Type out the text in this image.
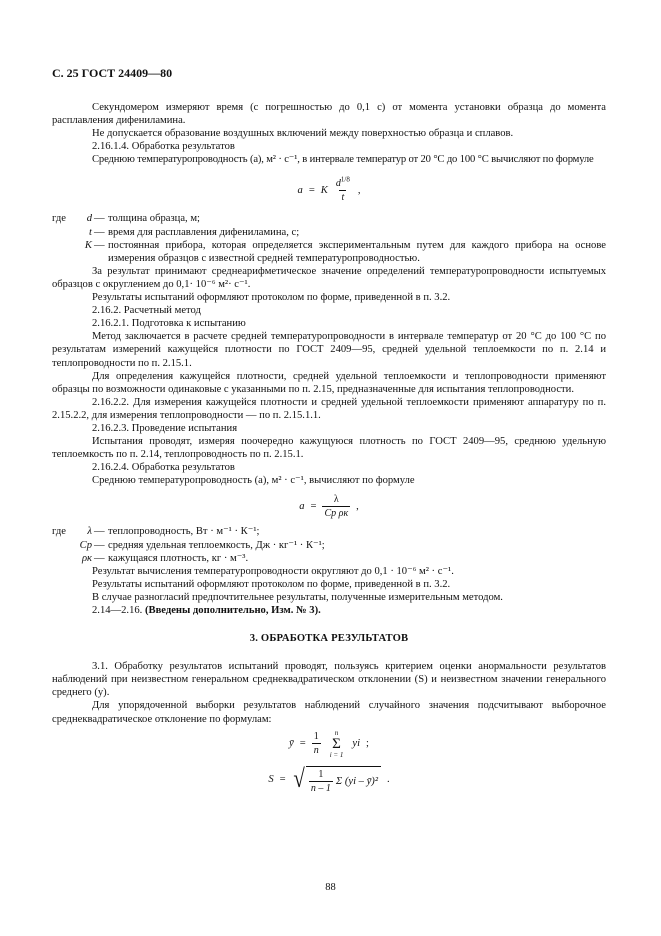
С. 25 ГОСТ 24409—80

Секундомером измеряют время (с погрешностью до 0,1 с) от момента установки образца до момента расплавления дифениламина.

Не допускается образование воздушных включений между поверхностью образца и сплавов.

2.16.1.4. Обработка результатов

Среднюю температуропроводность (а), м² · с⁻¹, в интервале температур от 20 °С до 100 °С вычисляют по формуле

a = K $\frac{d^{1/8}}{t}$ ,
где	d — толщина образца, м;
t — время для расплавления дифениламина, с;
K — постоянная прибора, которая определяется экспериментальным путем для каждого прибора на основе измерения образцов с известной средней температуропроводностью.

За результат принимают среднеарифметическое значение определений температуропроводности испытуемых образцов с округлением до 0,1· 10⁻⁶ м²· с⁻¹.

Результаты испытаний оформляют протоколом по форме, приведенной в п. 3.2.

2.16.2. Расчетный метод

2.16.2.1. Подготовка к испытанию

Метод заключается в расчете средней температуропроводности в интервале температур от 20 °С до 100 °С по результатам измерений кажущейся плотности по ГОСТ 2409—95, средней удельной теплоемкости по п. 2.14 и теплопроводности по п. 2.15.1.

Для определения кажущейся плотности, средней удельной теплоемкости и теплопроводности применяют образцы по возможности одинаковые с указанными по п. 2.15, предназначенные для испытания теплопроводности.

2.16.2.2. Для измерения кажущейся плотности и средней удельной теплоемкости применяют аппаратуру по п. 2.15.2.2, для измерения теплопроводности — по п. 2.15.1.1.

2.16.2.3. Проведение испытания

Испытания проводят, измеряя поочередно кажущуюся плотность по ГОСТ 2409—95, среднюю удельную теплоемкость по п. 2.14, теплопроводность по п. 2.15.1.

2.16.2.4. Обработка результатов

Среднюю температуропроводность (а), м² · с⁻¹, вычисляют по формуле

$a = \frac{\lambda}{\text{Cр ρк}}$ ,
где	λ — теплопроводность, Вт · м⁻¹ · К⁻¹;
Cр — средняя удельная теплоемкость, Дж · кг⁻¹ · К⁻¹;
ρк — кажущаяся плотность, кг · м⁻³.

Результат вычисления температуропроводности округляют до 0,1 · 10⁻⁶ м² · с⁻¹.

Результаты испытаний оформляют протоколом по форме, приведенной в п. 3.2.

В случае разногласий предпочтительнее результаты, полученные измерительным методом.

2.14—2.16. (Введены дополнительно, Изм. № 3).

3. ОБРАБОТКА РЕЗУЛЬТАТОВ

3.1. Обработку результатов испытаний проводят, пользуясь критерием оценки анормальности результатов наблюдений при неизвестном генеральном среднеквадратическом отклонении (S) и неизвестном значении генерального среднего (y).

Для упорядоченной выборки результатов наблюдений случайного значения подсчитывают выборочное среднеквадратическое отклонение по формулам:

ȳ = $\frac{1}{n}$ n
Σ
i = 1
yi ;
S = √ $\frac{1}{n - 1}$ Σ (yi – ȳ)² .
88
